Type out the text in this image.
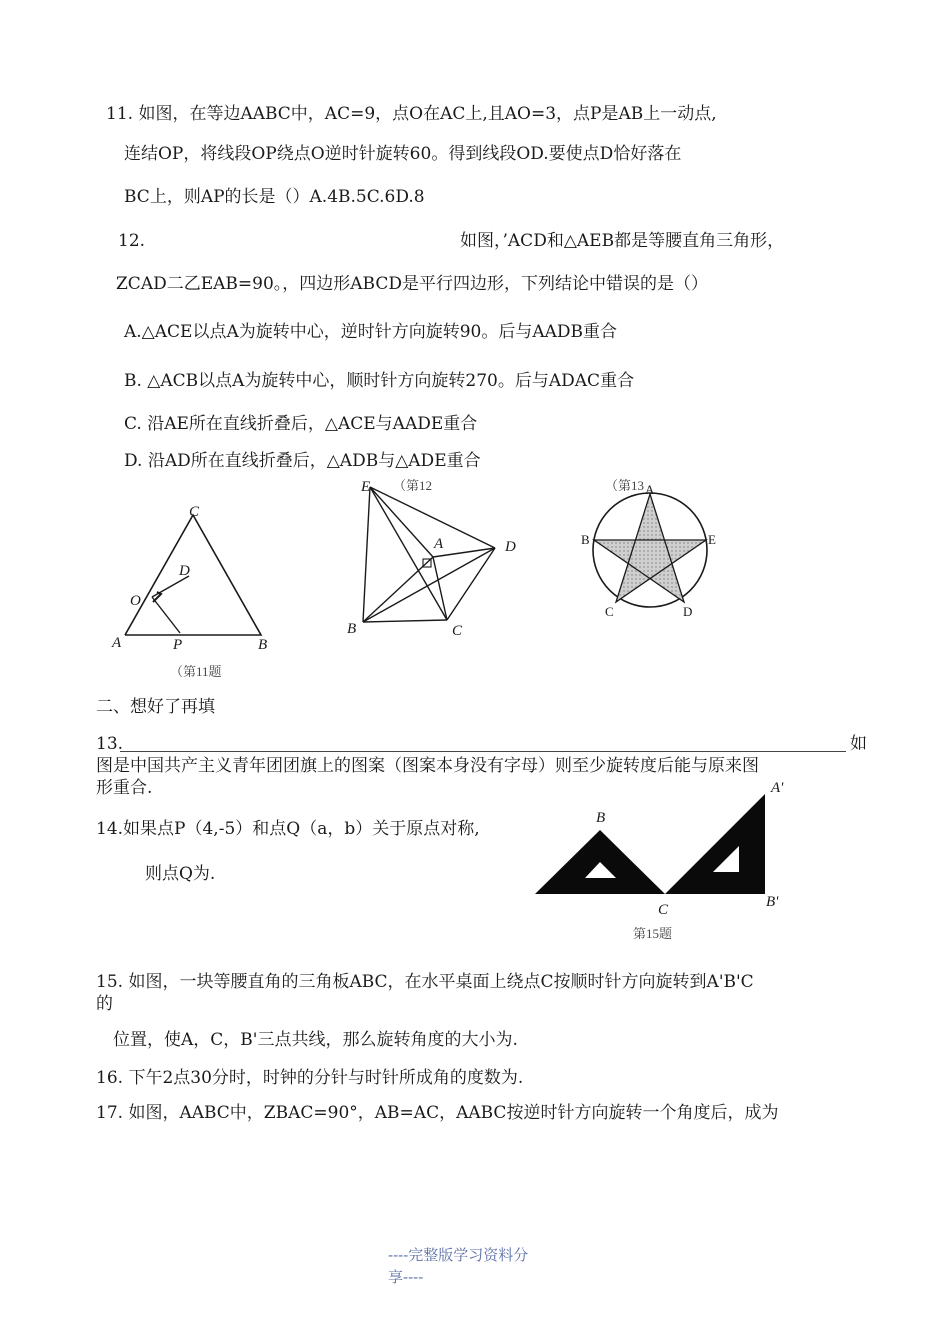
11. 如图，在等边AABC中，AC=9，点O在AC上,且AO=3，点P是AB上一动点,
连结OP，将线段OP绕点O逆时针旋转60。得到线段OD.要使点D恰好落在
BC上，则AP的长是（）A.4B.5C.6D.8
12.	如图，’ACD和△AEB都是等腰直角三角形，
ZCAD二乙EAB=90。，四边形ABCD是平行四边形，下列结论中错误的是（）
A.△ACE以点A为旋转中心，逆时针方向旋转90。后与AADB重合
B. △ACB以点A为旋转中心，顺时针方向旋转270。后与ADAC重合
C. 沿AE所在直线折叠后，△ACE与AADE重合
D. 沿AD所在直线折叠后，△ADB与△ADE重合
C
D
O
A	P	B
（第11题
E （第12
A	D
B	C
（第13 A
B	E
C	D
二、想好了再填
13.	如
图是中国共产主义青年团团旗上的图案（图案本身没有字母）则至少旋转度后能与原来图
形重合.
14.如果点P（4,-5）和点Q（a，b）关于原点对称,
则点Q为.
A'
B
B'
C
第15题
15. 如图，一块等腰直角的三角板ABC，在水平桌面上绕点C按顺时针方向旋转到A'B'C
的
位置，使A，C，B'三点共线，那么旋转角度的大小为.
16. 下午2点30分时，时钟的分针与时针所成角的度数为.
17. 如图，AABC中，ZBAC=90°，AB=AC，AABC按逆时针方向旋转一个角度后，成为
----完整版学习资料分
享----
